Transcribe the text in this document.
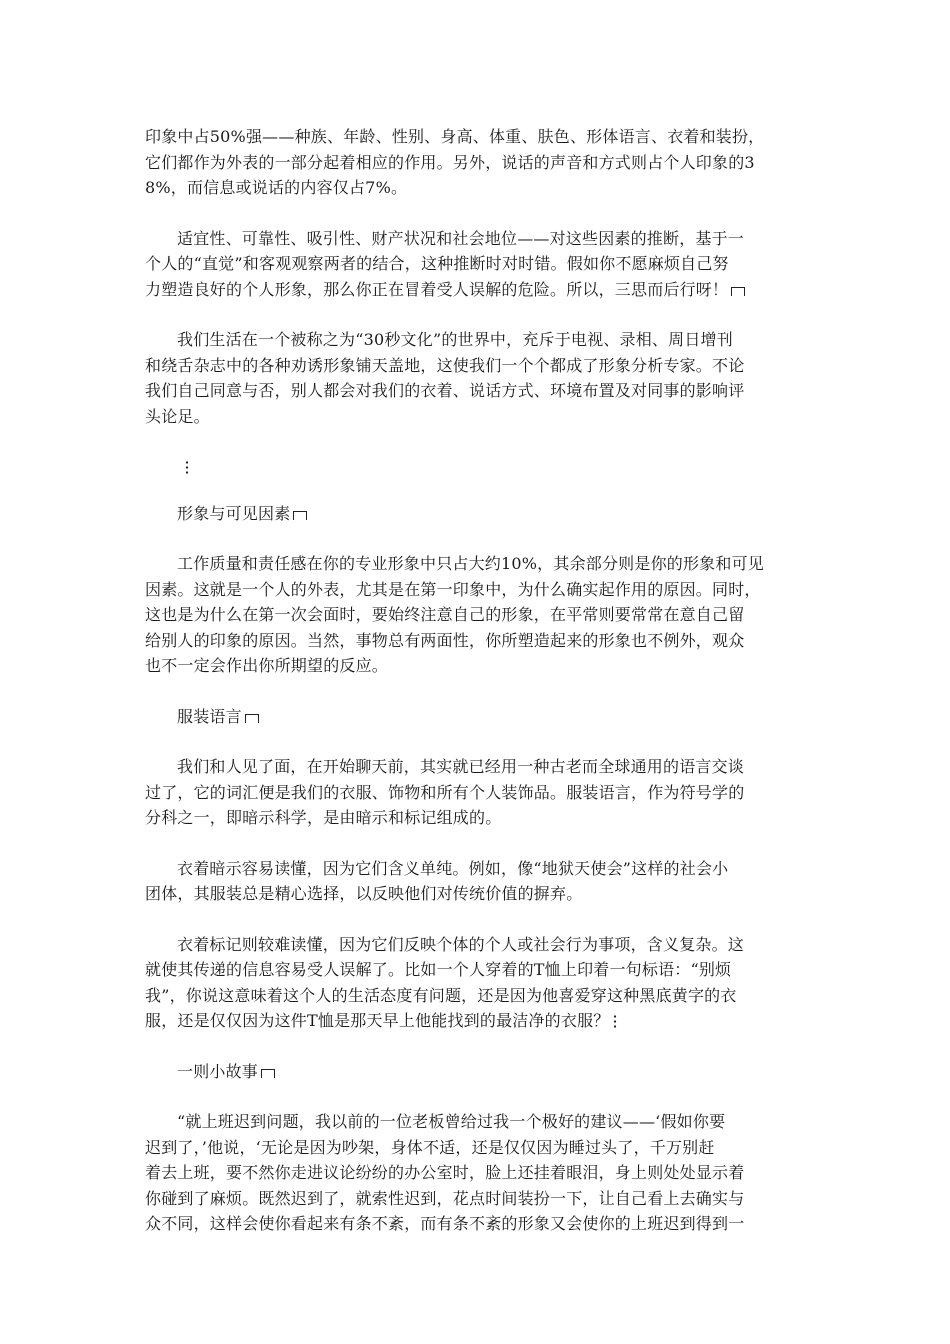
印象中占50%强——种族、年龄、性别、身高、体重、肤色、形体语言、衣着和装扮，
它们都作为外表的一部分起着相应的作用。另外，说话的声音和方式则占个人印象的3
8%，而信息或说话的内容仅占7%。

适宜性、可靠性、吸引性、财产状况和社会地位——对这些因素的推断，基于一
个人的“直觉”和客观观察两者的结合，这种推断时对时错。假如你不愿麻烦自己努
力塑造良好的个人形象，那么你正在冒着受人误解的危险。所以，三思而后行呀！

我们生活在一个被称之为“30秒文化”的世界中，充斥于电视、录相、周日增刊
和绕舌杂志中的各种劝诱形象铺天盖地，这使我们一个个都成了形象分析专家。不论
我们自己同意与否，别人都会对我们的衣着、说话方式、环境布置及对同事的影响评
头论足。

形象与可见因素

工作质量和责任感在你的专业形象中只占大约10%，其余部分则是你的形象和可见
因素。这就是一个人的外表，尤其是在第一印象中，为什么确实起作用的原因。同时，
这也是为什么在第一次会面时，要始终注意自己的形象，在平常则要常常在意自己留
给别人的印象的原因。当然，事物总有两面性，你所塑造起来的形象也不例外，观众
也不一定会作出你所期望的反应。

服装语言

我们和人见了面，在开始聊天前，其实就已经用一种古老而全球通用的语言交谈
过了，它的词汇便是我们的衣服、饰物和所有个人装饰品。服装语言，作为符号学的
分科之一，即暗示科学，是由暗示和标记组成的。

衣着暗示容易读懂，因为它们含义单纯。例如，像“地狱天使会”这样的社会小
团体，其服装总是精心选择，以反映他们对传统价值的摒弃。

衣着标记则较难读懂，因为它们反映个体的个人或社会行为事项，含义复杂。这
就使其传递的信息容易受人误解了。比如一个人穿着的T恤上印着一句标语：“别烦
我”，你说这意味着这个人的生活态度有问题，还是因为他喜爱穿这种黑底黄字的衣
服，还是仅仅因为这件T恤是那天早上他能找到的最洁净的衣服？

一则小故事

“就上班迟到问题，我以前的一位老板曾给过我一个极好的建议——‘假如你要
迟到了，’他说，‘无论是因为吵架，身体不适，还是仅仅因为睡过头了，千万别赶
着去上班，要不然你走进议论纷纷的办公室时，脸上还挂着眼泪，身上则处处显示着
你碰到了麻烦。既然迟到了，就索性迟到，花点时间装扮一下，让自己看上去确实与
众不同，这样会使你看起来有条不紊，而有条不紊的形象又会使你的上班迟到得到一
